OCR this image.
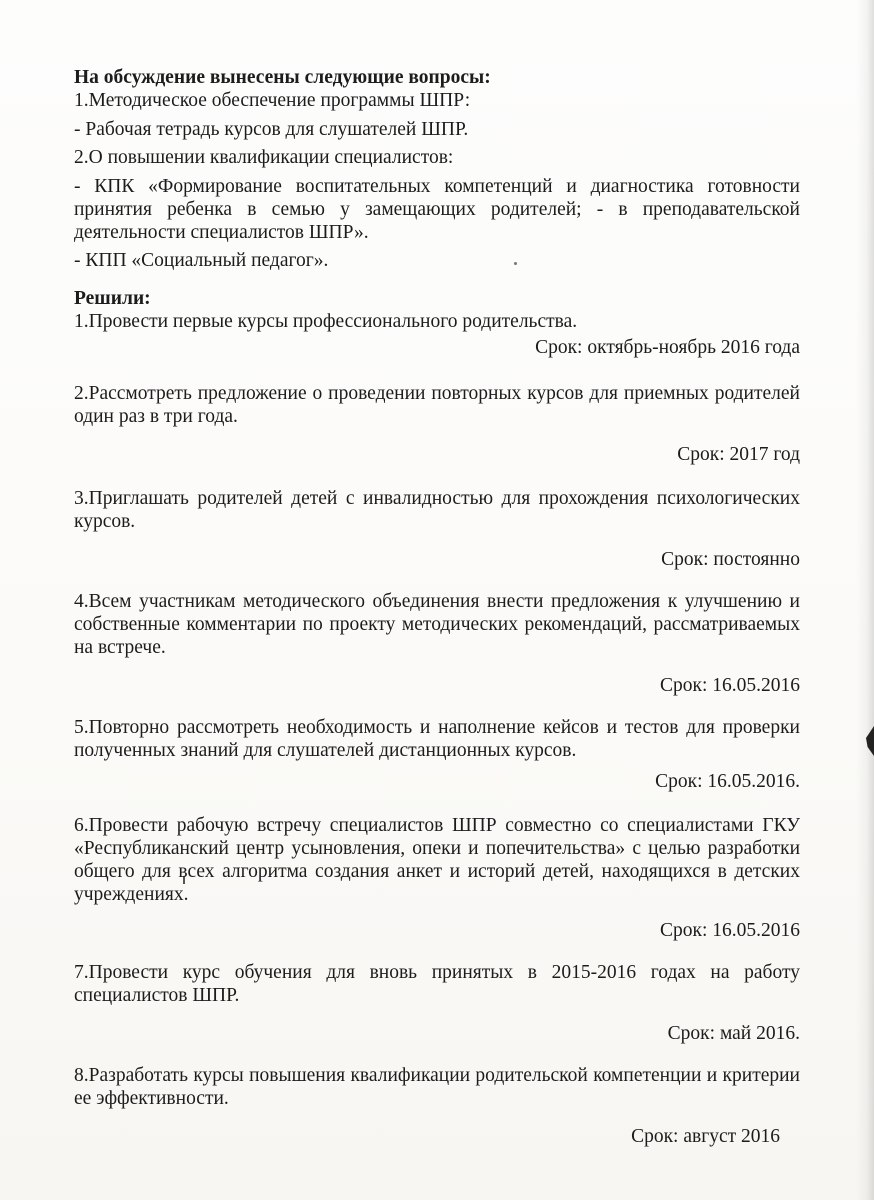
На обсуждение вынесены следующие вопросы:

1.Методическое обеспечение программы ШПР:

- Рабочая тетрадь курсов для слушателей ШПР.

2.О повышении квалификации специалистов:

- КПК «Формирование воспитательных компетенций и диагностика готовности принятия ребенка в семью у замещающих родителей; - в преподавательской деятельности специалистов ШПР».

- КПП «Социальный педагог».

Решили:

1.Провести первые курсы профессионального родительства.

Срок: октябрь-ноябрь 2016 года

2.Рассмотреть предложение о проведении повторных курсов для приемных родителей один раз в три года.

Срок: 2017 год

3.Приглашать родителей детей с инвалидностью для прохождения психологических курсов.

Срок: постоянно

4.Всем участникам методического объединения внести предложения к улучшению и собственные комментарии по проекту методических рекомендаций, рассматриваемых на встрече.

Срок: 16.05.2016

5.Повторно рассмотреть необходимость и наполнение кейсов и тестов для проверки полученных знаний для слушателей дистанционных курсов.

Срок: 16.05.2016.

6.Провести рабочую встречу специалистов ШПР совместно со специалистами ГКУ «Республиканский центр усыновления, опеки и попечительства» с целью разработки общего для всех алгоритма создания анкет и историй детей, находящихся в детских учреждениях.

Срок: 16.05.2016

7.Провести курс обучения для вновь принятых в 2015-2016 годах на работу специалистов ШПР.

Срок: май 2016.

8.Разработать курсы повышения квалификации родительской компетенции и критерии ее эффективности.

Срок: август 2016
